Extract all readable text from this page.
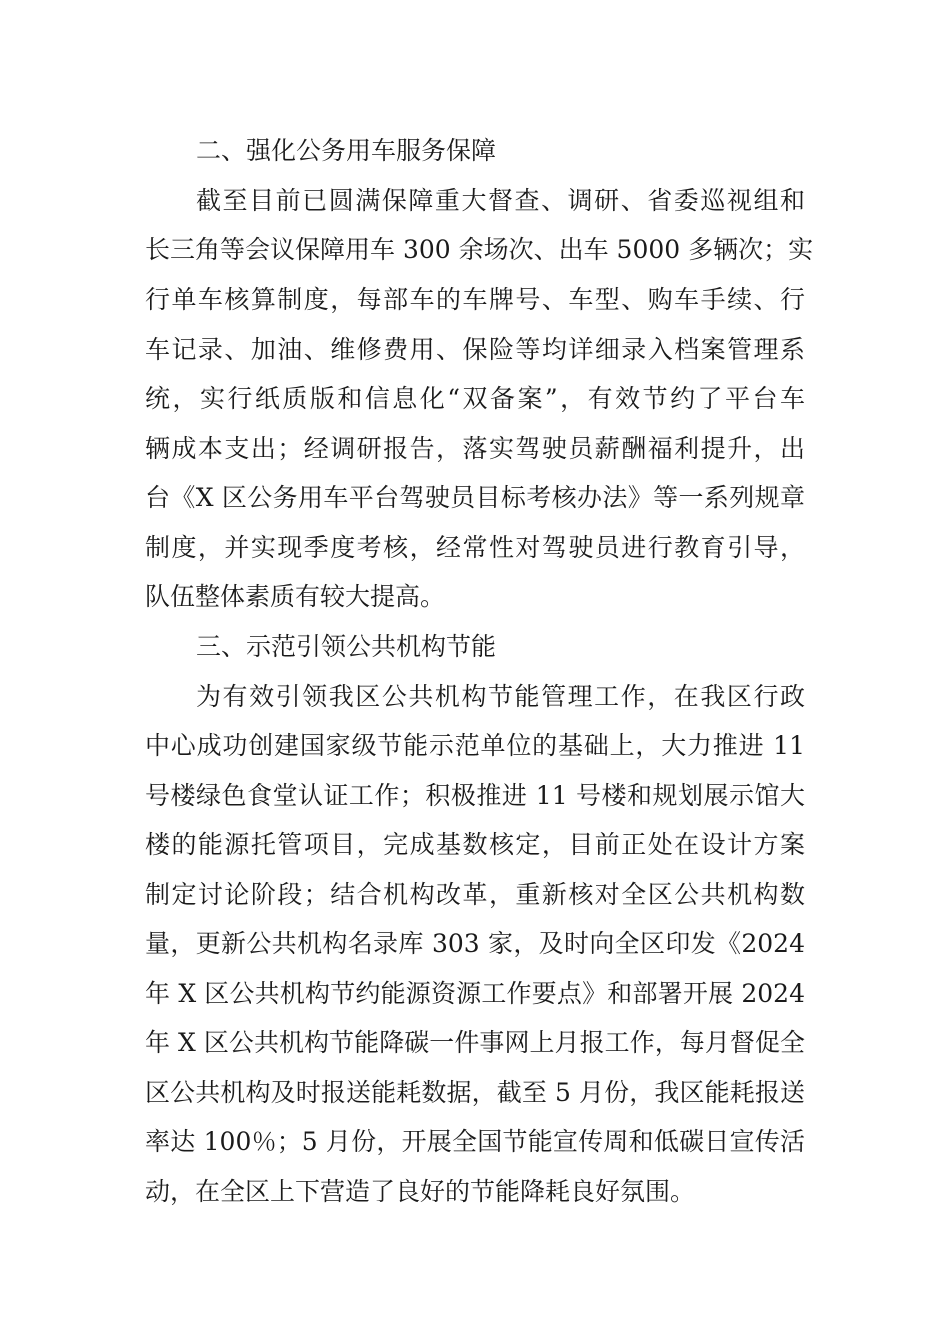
二、强化公务用车服务保障
截至目前已圆满保障重大督查、调研、省委巡视组和
长三角等会议保障用车 300 余场次、出车 5000 多辆次；实
行单车核算制度，每部车的车牌号、车型、购车手续、行
车记录、加油、维修费用、保险等均详细录入档案管理系
统，实行纸质版和信息化“双备案”，有效节约了平台车
辆成本支出；经调研报告，落实驾驶员薪酬福利提升，出
台《X 区公务用车平台驾驶员目标考核办法》等一系列规章
制度，并实现季度考核，经常性对驾驶员进行教育引导，
队伍整体素质有较大提高。
三、示范引领公共机构节能
为有效引领我区公共机构节能管理工作，在我区行政
中心成功创建国家级节能示范单位的基础上，大力推进 11
号楼绿色食堂认证工作；积极推进 11 号楼和规划展示馆大
楼的能源托管项目，完成基数核定，目前正处在设计方案
制定讨论阶段；结合机构改革，重新核对全区公共机构数
量，更新公共机构名录库 303 家，及时向全区印发《2024
年 X 区公共机构节约能源资源工作要点》和部署开展 2024
年 X 区公共机构节能降碳一件事网上月报工作，每月督促全
区公共机构及时报送能耗数据，截至 5 月份，我区能耗报送
率达 100％；5 月份，开展全国节能宣传周和低碳日宣传活
动，在全区上下营造了良好的节能降耗良好氛围。
